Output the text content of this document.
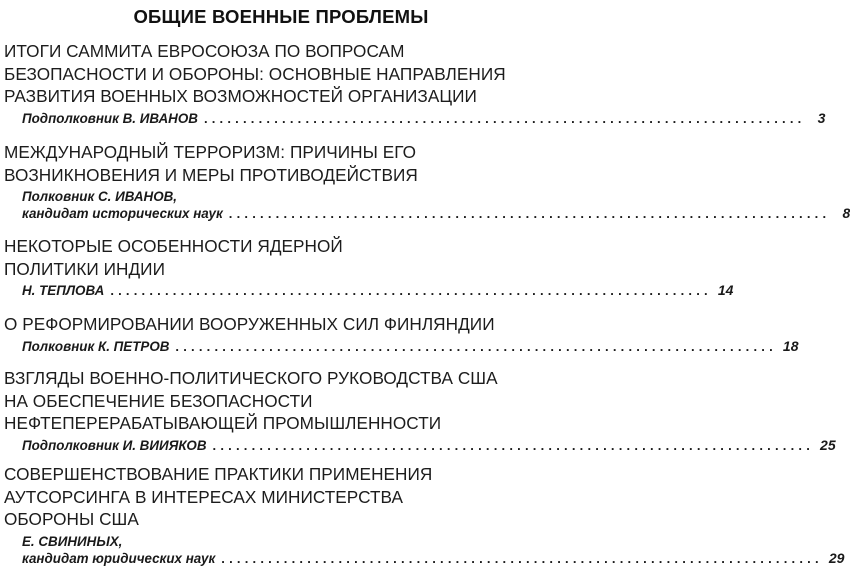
ОБЩИЕ ВОЕННЫЕ ПРОБЛЕМЫ
ИТОГИ САММИТА ЕВРОСОЮЗА ПО ВОПРОСАМ
БЕЗОПАСНОСТИ И ОБОРОНЫ: ОСНОВНЫЕ НАПРАВЛЕНИЯ
РАЗВИТИЯ ВОЕННЫХ ВОЗМОЖНОСТЕЙ ОРГАНИЗАЦИИ
Подполковник В. ИВАНОВ ............................................................................. 3
МЕЖДУНАРОДНЫЙ ТЕРРОРИЗМ: ПРИЧИНЫ ЕГО
ВОЗНИКНОВЕНИЯ И МЕРЫ ПРОТИВОДЕЙСТВИЯ
Полковник С. ИВАНОВ,
кандидат исторических наук ............................................................................. 8
НЕКОТОРЫЕ ОСОБЕННОСТИ ЯДЕРНОЙ
ПОЛИТИКИ ИНДИИ
Н. ТЕПЛОВА ............................................................................. 14
О РЕФОРМИРОВАНИИ ВООРУЖЕННЫХ СИЛ ФИНЛЯНДИИ
Полковник К. ПЕТРОВ ............................................................................. 18
ВЗГЛЯДЫ ВОЕННО-ПОЛИТИЧЕСКОГО РУКОВОДСТВА США
НА ОБЕСПЕЧЕНИЕ БЕЗОПАСНОСТИ
НЕФТЕПЕРЕРАБАТЫВАЮЩЕЙ ПРОМЫШЛЕННОСТИ
Подполковник И. ВИИЯКОВ ............................................................................. 25
СОВЕРШЕНСТВОВАНИЕ ПРАКТИКИ ПРИМЕНЕНИЯ
АУТСОРСИНГА В ИНТЕРЕСАХ МИНИСТЕРСТВА
ОБОРОНЫ США
Е. СВИНИНЫХ,
кандидат юридических наук ............................................................................. 29
